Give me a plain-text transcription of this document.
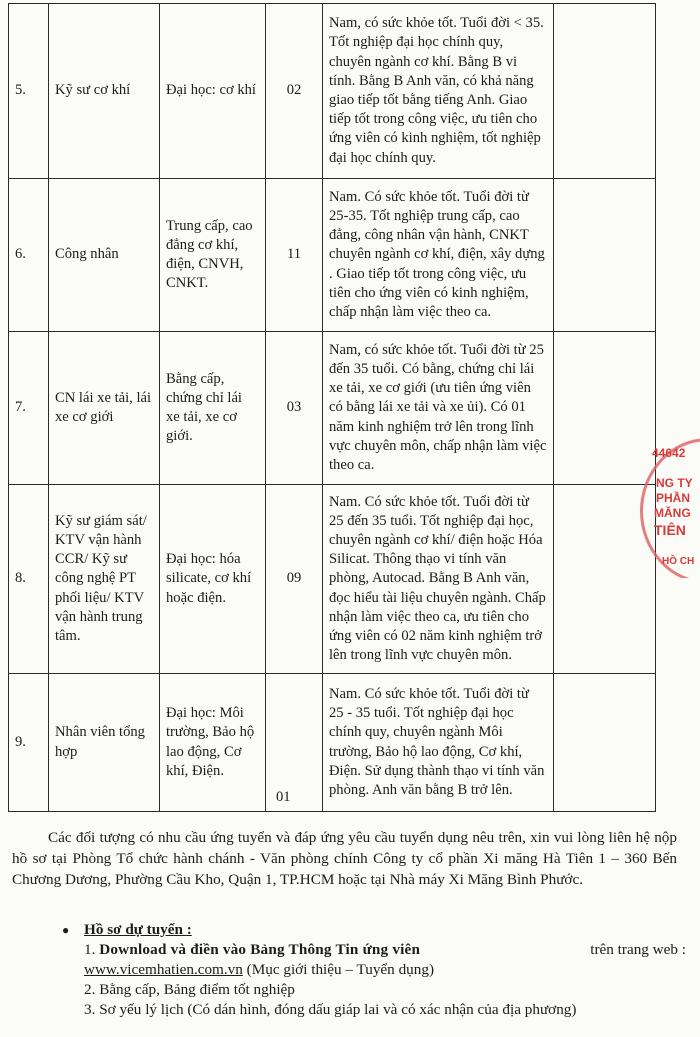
5.	Kỹ sư cơ khí	Đại học: cơ khí	02	Nam, có sức khỏe tốt. Tuổi đời < 35. Tốt nghiệp đại học chính quy, chuyên ngành cơ khí. Bằng B vi tính. Bằng B Anh văn, có khả năng giao tiếp tốt bằng tiếng Anh. Giao tiếp tốt trong công việc, ưu tiên cho ứng viên có kinh nghiệm, tốt nghiệp đại học chính quy.	
6.	Công nhân	Trung cấp, cao đẳng cơ khí, điện, CNVH, CNKT.	11	Nam. Có sức khỏe tốt. Tuổi đời từ 25-35. Tốt nghiệp trung cấp, cao đẳng, công nhân vận hành, CNKT chuyên ngành cơ khí, điện, xây dựng . Giao tiếp tốt trong công việc, ưu tiên cho ứng viên có kinh nghiệm, chấp nhận làm việc theo ca.	
7.	CN lái xe tải, lái xe cơ giới	Bằng cấp, chứng chỉ lái xe tải, xe cơ giới.	03	Nam, có sức khỏe tốt. Tuổi đời từ 25 đến 35 tuổi. Có bằng, chứng chỉ lái xe tải, xe cơ giới (ưu tiên ứng viên có bằng lái xe tải và xe ủi). Có 01 năm kinh nghiệm trở lên trong lĩnh vực chuyên môn, chấp nhận làm việc theo ca.	
8.	Kỹ sư giám sát/ KTV vận hành CCR/ Kỹ sư công nghệ PT phối liệu/ KTV vận hành trung tâm.	Đại học: hóa silicate, cơ khí hoặc điện.	09	Nam. Có sức khỏe tốt. Tuổi đời từ 25 đến 35 tuổi. Tốt nghiệp đại học, chuyên ngành cơ khí/ điện hoặc Hóa Silicat. Thông thạo vi tính văn phòng, Autocad. Bằng B Anh văn, đọc hiểu tài liệu chuyên ngành. Chấp nhận làm việc theo ca, ưu tiên cho ứng viên có 02 năm kinh nghiệm trở lên trong lĩnh vực chuyên môn.	
9.	Nhân viên tổng hợp	Đại học: Môi trường, Bảo hộ lao động, Cơ khí, Điện.	01	Nam. Có sức khỏe tốt. Tuổi đời từ 25 - 35 tuổi. Tốt nghiệp đại học chính quy, chuyên ngành Môi trường, Bảo hộ lao động, Cơ khí, Điện. Sử dụng thành thạo vi tính văn phòng. Anh văn bằng B trở lên.	
44642
NG TY
PHẦN
MĂNG
TIÊN
HỒ CH
Các đối tượng có nhu cầu ứng tuyển và đáp ứng yêu cầu tuyển dụng nêu trên, xin vui lòng liên hệ nộp hồ sơ tại Phòng Tổ chức hành chánh - Văn phòng chính Công ty cổ phần Xi măng Hà Tiên 1 – 360 Bến Chương Dương, Phường Cầu Kho, Quận 1, TP.HCM hoặc tại Nhà máy Xi Măng Bình Phước.
● Hồ sơ dự tuyển :
1. Download và điền vào Bảng Thông Tin ứng viên	trên trang web :
www.vicemhatien.com.vn (Mục giới thiệu – Tuyển dụng)
2. Bằng cấp, Bảng điểm tốt nghiệp
3. Sơ yếu lý lịch (Có dán hình, đóng dấu giáp lai và có xác nhận của địa phương)
